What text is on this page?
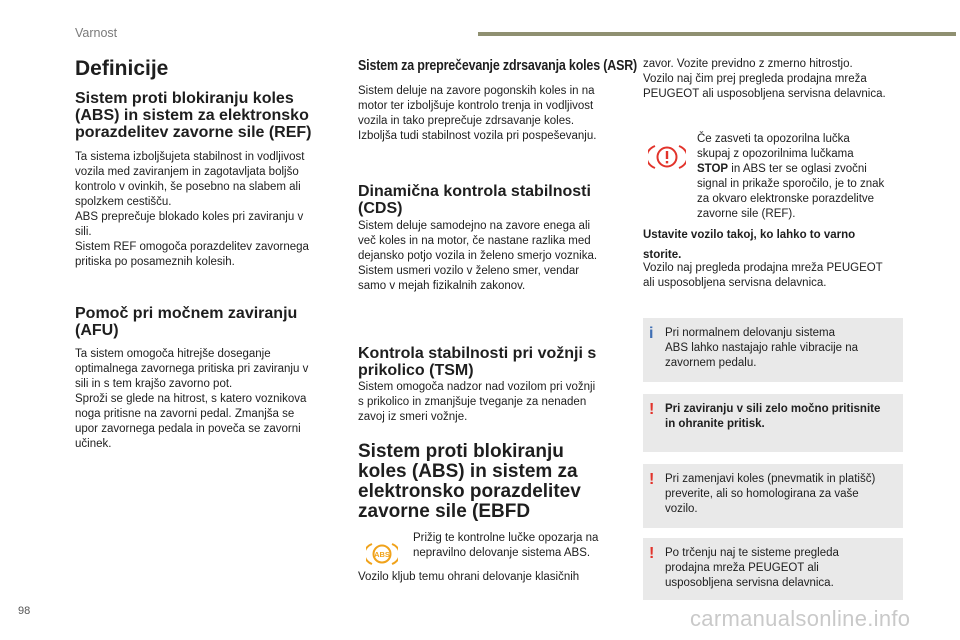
Varnost
Definicije
Sistem proti blokiranju koles
(ABS) in sistem za elektronsko
porazdelitev zavorne sile (REF)

Ta sistema izboljšujeta stabilnost in vodljivost
vozila med zaviranjem in zagotavljata boljšo
kontrolo v ovinkih, še posebno na slabem ali
spolzkem cestišču.
ABS preprečuje blokado koles pri zaviranju v
sili.
Sistem REF omogoča porazdelitev zavornega
pritiska po posameznih kolesih.

Pomoč pri močnem zaviranju
(AFU)

Ta sistem omogoča hitrejše doseganje
optimalnega zavornega pritiska pri zaviranju v
sili in s tem krajšo zavorno pot.
Sproži se glede na hitrost, s katero voznikova
noga pritisne na zavorni pedal. Zmanjša se
upor zavornega pedala in poveča se zavorni
učinek.

Sistem za preprečevanje zdrsavanja koles (ASR)

Sistem deluje na zavore pogonskih koles in na
motor ter izboljšuje kontrolo trenja in vodljivost
vozila in tako preprečuje zdrsavanje koles.
Izboljša tudi stabilnost vozila pri pospeševanju.

Dinamična kontrola stabilnosti
(CDS)

Sistem deluje samodejno na zavore enega ali
več koles in na motor, če nastane razlika med
dejansko potjo vozila in želeno smerjo voznika.
Sistem usmeri vozilo v želeno smer, vendar
samo v mejah fizikalnih zakonov.

Kontrola stabilnosti pri vožnji s
prikolico (TSM)

Sistem omogoča nadzor nad vozilom pri vožnji
s prikolico in zmanjšuje tveganje za nenaden
zavoj iz smeri vožnje.

Sistem proti blokiranju
koles (ABS) in sistem za
elektronsko porazdelitev
zavorne sile (EBFD
ABS

Prižig te kontrolne lučke opozarja na
nepravilno delovanje sistema ABS.

Vozilo kljub temu ohrani delovanje klasičnih

zavor. Vozite previdno z zmerno hitrostjo.
Vozilo naj čim prej pregleda prodajna mreža
PEUGEOT ali usposobljena servisna delavnica.

Če zasveti ta opozorilna lučka
skupaj z opozorilnima lučkama
STOP in ABS ter se oglasi zvočni
signal in prikaže sporočilo, je to znak
za okvaro elektronske porazdelitve
zavorne sile (REF).

Ustavite vozilo takoj, ko lahko to varno

storite.

Vozilo naj pregleda prodajna mreža PEUGEOT
ali usposobljena servisna delavnica.

i Pri normalnem delovanju sistema
ABS lahko nastajajo rahle vibracije na
zavornem pedalu.
! Pri zaviranju v sili zelo močno pritisnite
in ohranite pritisk.
! Pri zamenjavi koles (pnevmatik in platišč)
preverite, ali so homologirana za vaše
vozilo.
! Po trčenju naj te sisteme pregleda
prodajna mreža PEUGEOT ali
usposobljena servisna delavnica.
98	carmanualsonline.info
